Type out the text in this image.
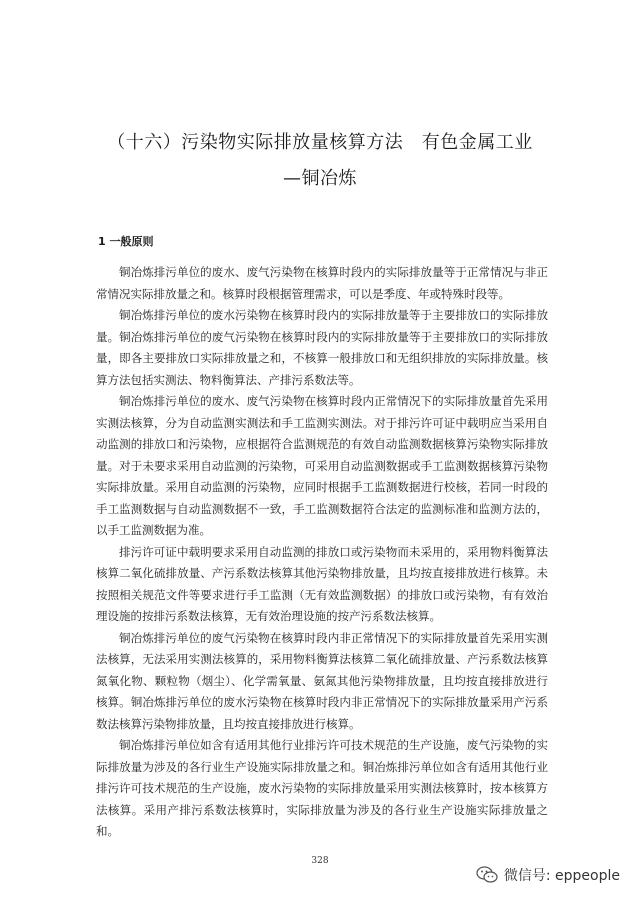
（十六）污染物实际排放量核算方法　有色金属工业
—铜冶炼
1 一般原则

铜冶炼排污单位的废水、废气污染物在核算时段内的实际排放量等于正常情况与非正常情况实际排放量之和。核算时段根据管理需求，可以是季度、年或特殊时段等。

铜冶炼排污单位的废水污染物在核算时段内的实际排放量等于主要排放口的实际排放量。铜冶炼排污单位的废气污染物在核算时段内的实际排放量等于主要排放口的实际排放量，即各主要排放口实际排放量之和，不核算一般排放口和无组织排放的实际排放量。核算方法包括实测法、物料衡算法、产排污系数法等。

铜冶炼排污单位的废水、废气污染物在核算时段内正常情况下的实际排放量首先采用实测法核算，分为自动监测实测法和手工监测实测法。对于排污许可证中载明应当采用自动监测的排放口和污染物，应根据符合监测规范的有效自动监测数据核算污染物实际排放量。对于未要求采用自动监测的污染物，可采用自动监测数据或手工监测数据核算污染物实际排放量。采用自动监测的污染物，应同时根据手工监测数据进行校核，若同一时段的手工监测数据与自动监测数据不一致，手工监测数据符合法定的监测标准和监测方法的，以手工监测数据为准。

排污许可证中载明要求采用自动监测的排放口或污染物而未采用的，采用物料衡算法核算二氧化硫排放量、产污系数法核算其他污染物排放量，且均按直接排放进行核算。未按照相关规范文件等要求进行手工监测（无有效监测数据）的排放口或污染物，有有效治理设施的按排污系数法核算，无有效治理设施的按产污系数法核算。

铜冶炼排污单位的废气污染物在核算时段内非正常情况下的实际排放量首先采用实测法核算，无法采用实测法核算的，采用物料衡算法核算二氧化硫排放量、产污系数法核算氮氧化物、颗粒物（烟尘）、化学需氧量、氨氮其他污染物排放量，且均按直接排放进行核算。铜冶炼排污单位的废水污染物在核算时段内非正常情况下的实际排放量采用产污系数法核算污染物排放量，且均按直接排放进行核算。

铜冶炼排污单位如含有适用其他行业排污许可技术规范的生产设施，废气污染物的实际排放量为涉及的各行业生产设施实际排放量之和。铜冶炼排污单位如含有适用其他行业排污许可技术规范的生产设施，废水污染物的实际排放量采用实测法核算时，按本核算方法核算。采用产排污系数法核算时，实际排放量为涉及的各行业生产设施实际排放量之和。

328
微信号: eppeople
